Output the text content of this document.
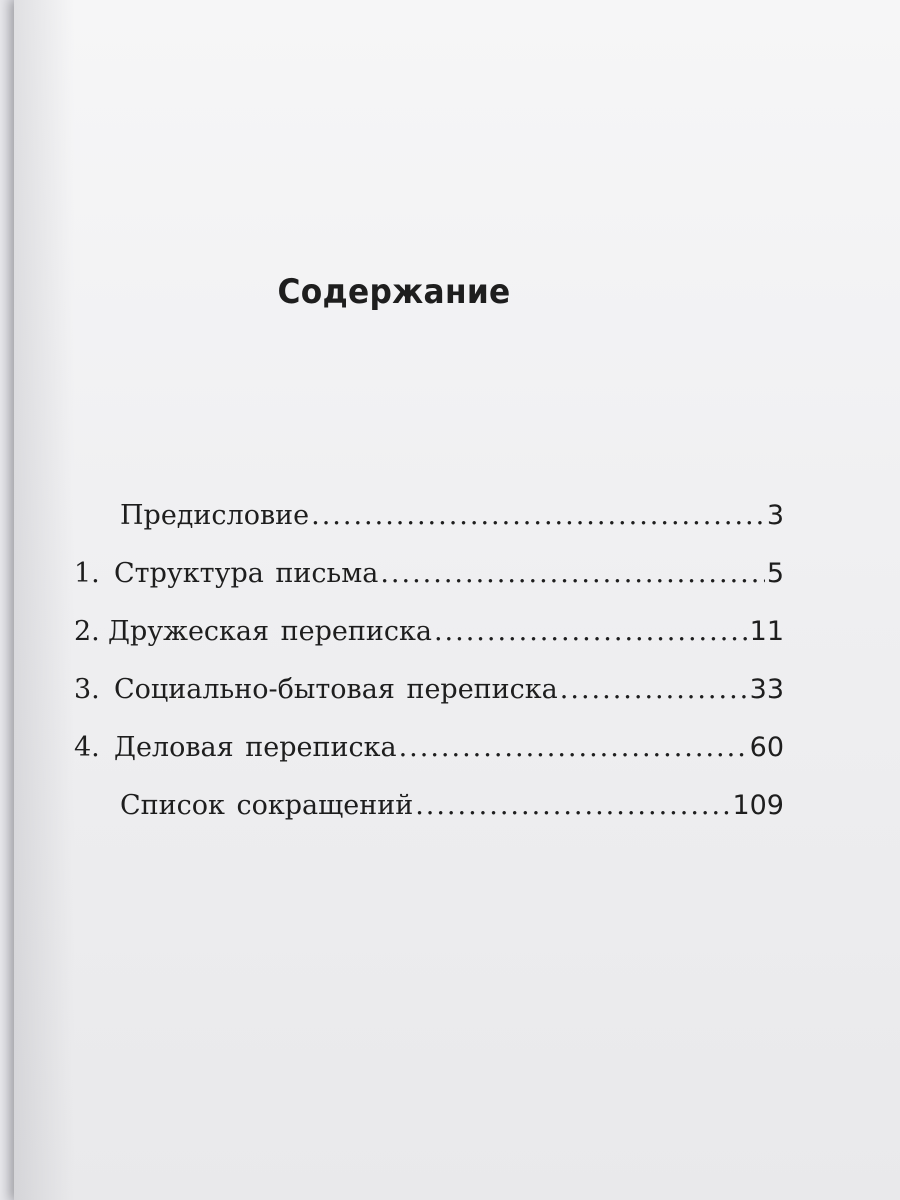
Содержание
Предисловие .....	3
1. Структура письма .....	5
2. Дружеская переписка .....	11
3. Социально-бытовая переписка .....	33
4. Деловая переписка .....	60
Список сокращений .....	109
